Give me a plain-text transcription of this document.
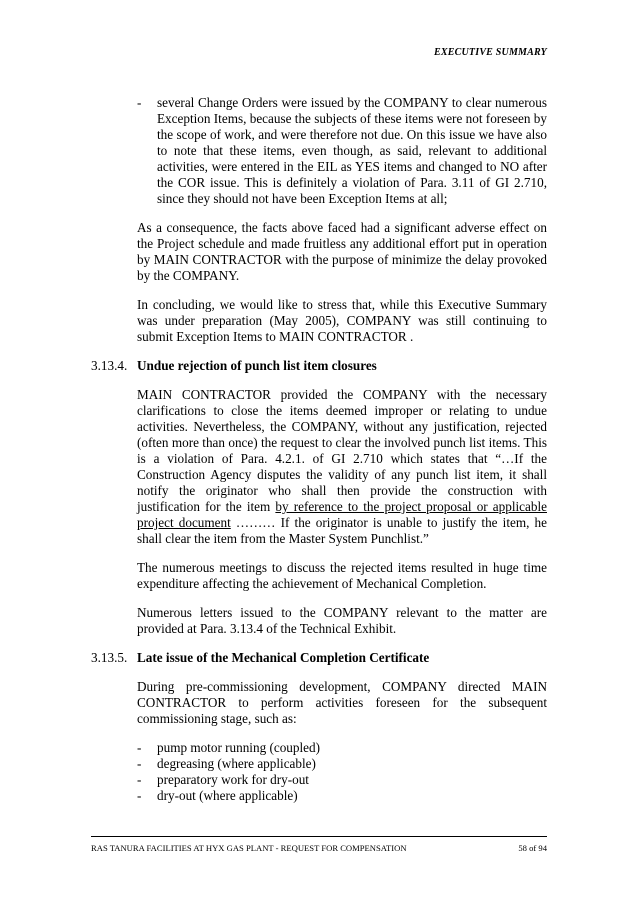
EXECUTIVE SUMMARY
-	several Change Orders were issued by the COMPANY to clear numerous Exception Items, because the subjects of these items were not foreseen by the scope of work, and were therefore not due. On this issue we have also to note that these items, even though, as said, relevant to additional activities, were entered in the EIL as YES items and changed to NO after the COR issue. This is definitely a violation of Para. 3.11 of GI 2.710, since they should not have been Exception Items at all;

As a consequence, the facts above faced had a significant adverse effect on the Project schedule and made fruitless any additional effort put in operation by MAIN CONTRACTOR with the purpose of minimize the delay provoked by the COMPANY.

In concluding, we would like to stress that, while this Executive Summary was under preparation (May 2005), COMPANY was still continuing to submit Exception Items to MAIN CONTRACTOR .

3.13.4. Undue rejection of punch list item closures

MAIN CONTRACTOR provided the COMPANY with the necessary clarifications to close the items deemed improper or relating to undue activities. Nevertheless, the COMPANY, without any justification, rejected (often more than once) the request to clear the involved punch list items. This is a violation of Para. 4.2.1. of GI 2.710 which states that “…If the Construction Agency disputes the validity of any punch list item, it shall notify the originator who shall then provide the construction with justification for the item by reference to the project proposal or applicable project document ……… If the originator is unable to justify the item, he shall clear the item from the Master System Punchlist.”

The numerous meetings to discuss the rejected items resulted in huge time expenditure affecting the achievement of Mechanical Completion.

Numerous letters issued to the COMPANY relevant to the matter are provided at Para. 3.13.4 of the Technical Exhibit.

3.13.5. Late issue of the Mechanical Completion Certificate

During pre-commissioning development, COMPANY directed MAIN CONTRACTOR to perform activities foreseen for the subsequent commissioning stage, such as:

-	pump motor running (coupled)
-	degreasing (where applicable)
-	preparatory work for dry-out
-	dry-out (where applicable)
RAS TANURA FACILITIES AT HYX GAS PLANT - REQUEST FOR COMPENSATION	58 of 94
